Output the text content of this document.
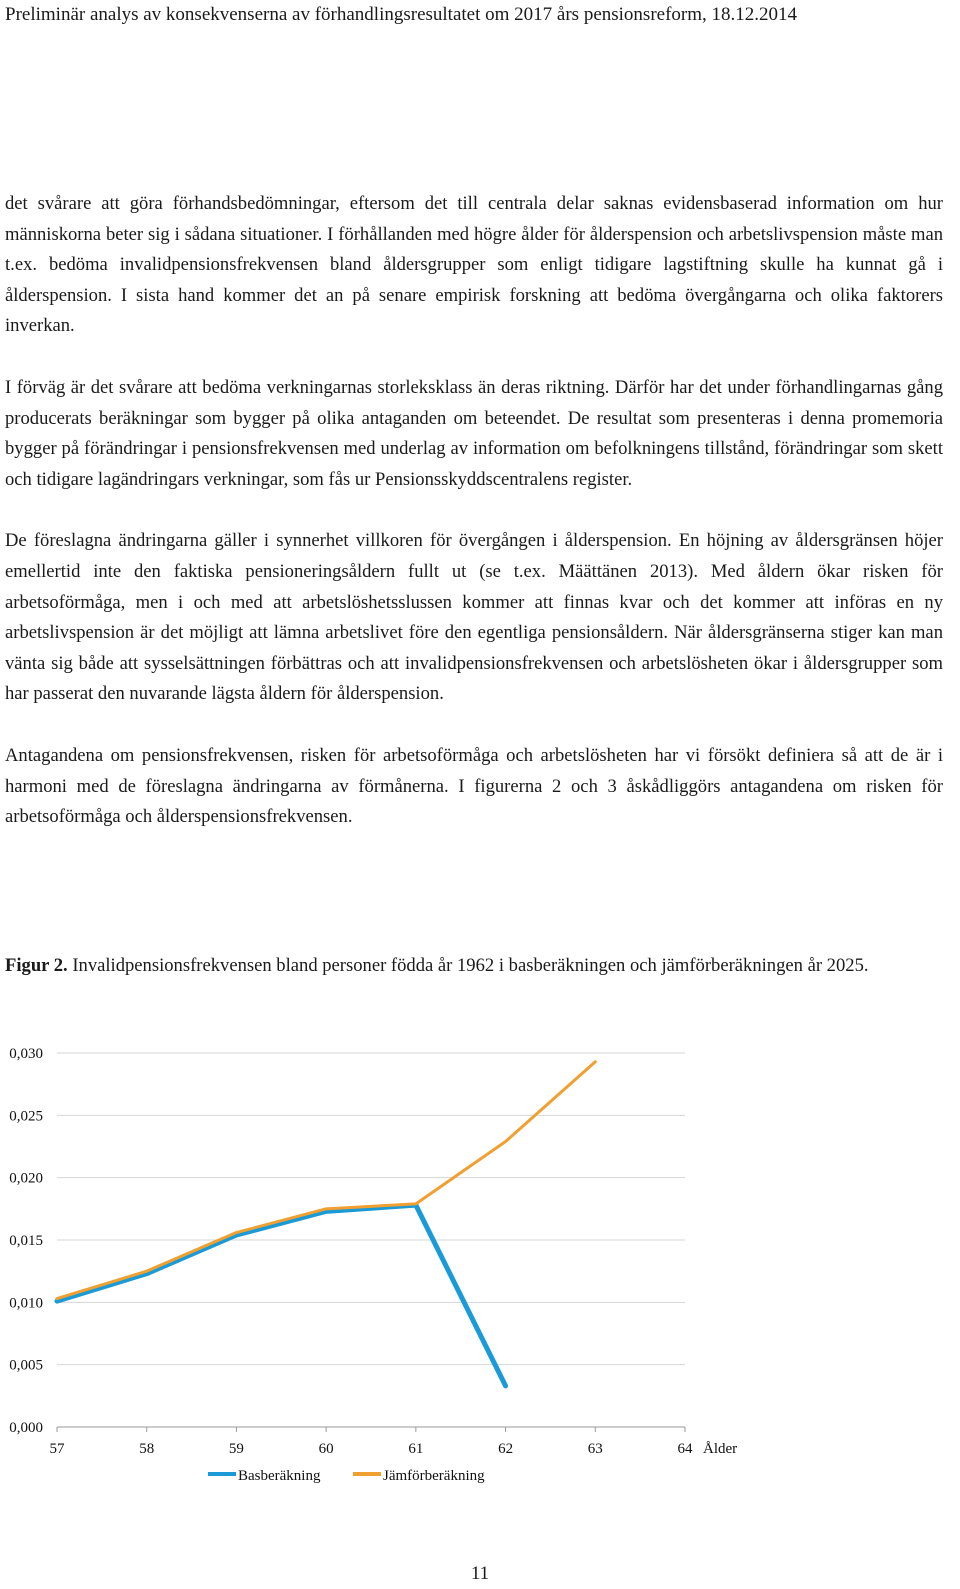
Preliminär analys av konsekvenserna av förhandlingsresultatet om 2017 års pensionsreform, 18.12.2014

det svårare att göra förhandsbedömningar, eftersom det till centrala delar saknas evidensbaserad information om hur människorna beter sig i sådana situationer. I förhållanden med högre ålder för ålderspension och arbetslivspension måste man t.ex. bedöma invalidpensionsfrekvensen bland åldersgrupper som enligt tidigare lagstiftning skulle ha kunnat gå i ålderspension. I sista hand kommer det an på senare empirisk forskning att bedöma övergångarna och olika faktorers inverkan.

I förväg är det svårare att bedöma verkningarnas storleksklass än deras riktning. Därför har det under förhandlingarnas gång producerats beräkningar som bygger på olika antaganden om beteendet. De resultat som presenteras i denna promemoria bygger på förändringar i pensionsfrekvensen med underlag av information om befolkningens tillstånd, förändringar som skett och tidigare lagändringars verkningar, som fås ur Pensionsskyddscentralens register.

De föreslagna ändringarna gäller i synnerhet villkoren för övergången i ålderspension. En höjning av åldersgränsen höjer emellertid inte den faktiska pensioneringsåldern fullt ut (se t.ex. Määttänen 2013). Med åldern ökar risken för arbetsoförmåga, men i och med att arbetslöshetsslussen kommer att finnas kvar och det kommer att införas en ny arbetslivspension är det möjligt att lämna arbetslivet före den egentliga pensionsåldern. När åldersgränserna stiger kan man vänta sig både att sysselsättningen förbättras och att invalidpensionsfrekvensen och arbetslösheten ökar i åldersgrupper som har passerat den nuvarande lägsta åldern för ålderspension.

Antagandena om pensionsfrekvensen, risken för arbetsoförmåga och arbetslösheten har vi försökt definiera så att de är i harmoni med de föreslagna ändringarna av förmånerna. I figurerna 2 och 3 åskådliggörs antagandena om risken för arbetsoförmåga och ålderspensionsfrekvensen.

Figur 2. Invalidpensionsfrekvensen bland personer födda år 1962 i basberäkningen och jämförberäkningen år 2025.

0,000
0,005
0,010
0,015
0,020
0,025
0,030
57	58	59	60	61	62	63	64 Ålder
Basberäkning	Jämförberäkning
11
